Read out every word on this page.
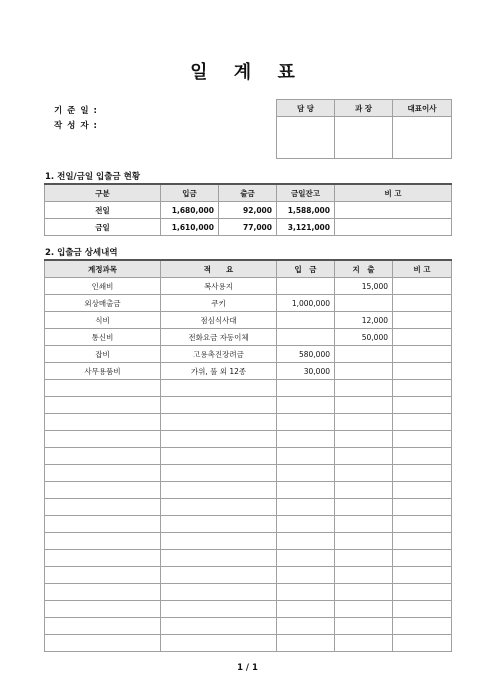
일 계 표
기 준 일 :
작 성 자 :
담 당	과 장	대표이사

1. 전일/금일 입출금 현황
구분	입금	출금	금일잔고	비 고
전일	1,680,000	92,000	1,588,000	
금일	1,610,000	77,000	3,121,000	
2. 입출금 상세내역
계정과목	적　　요	입　금	지　출	비 고
인쇄비	복사용지		15,000	
외상매출금	쿠키	1,000,000		
식비	점심식사대		12,000	
통신비	전화요금 자동이체		50,000	
잡비	고용촉진장려금	580,000		
사무용품비	가위, 풀 외 12종	30,000		

1 / 1
